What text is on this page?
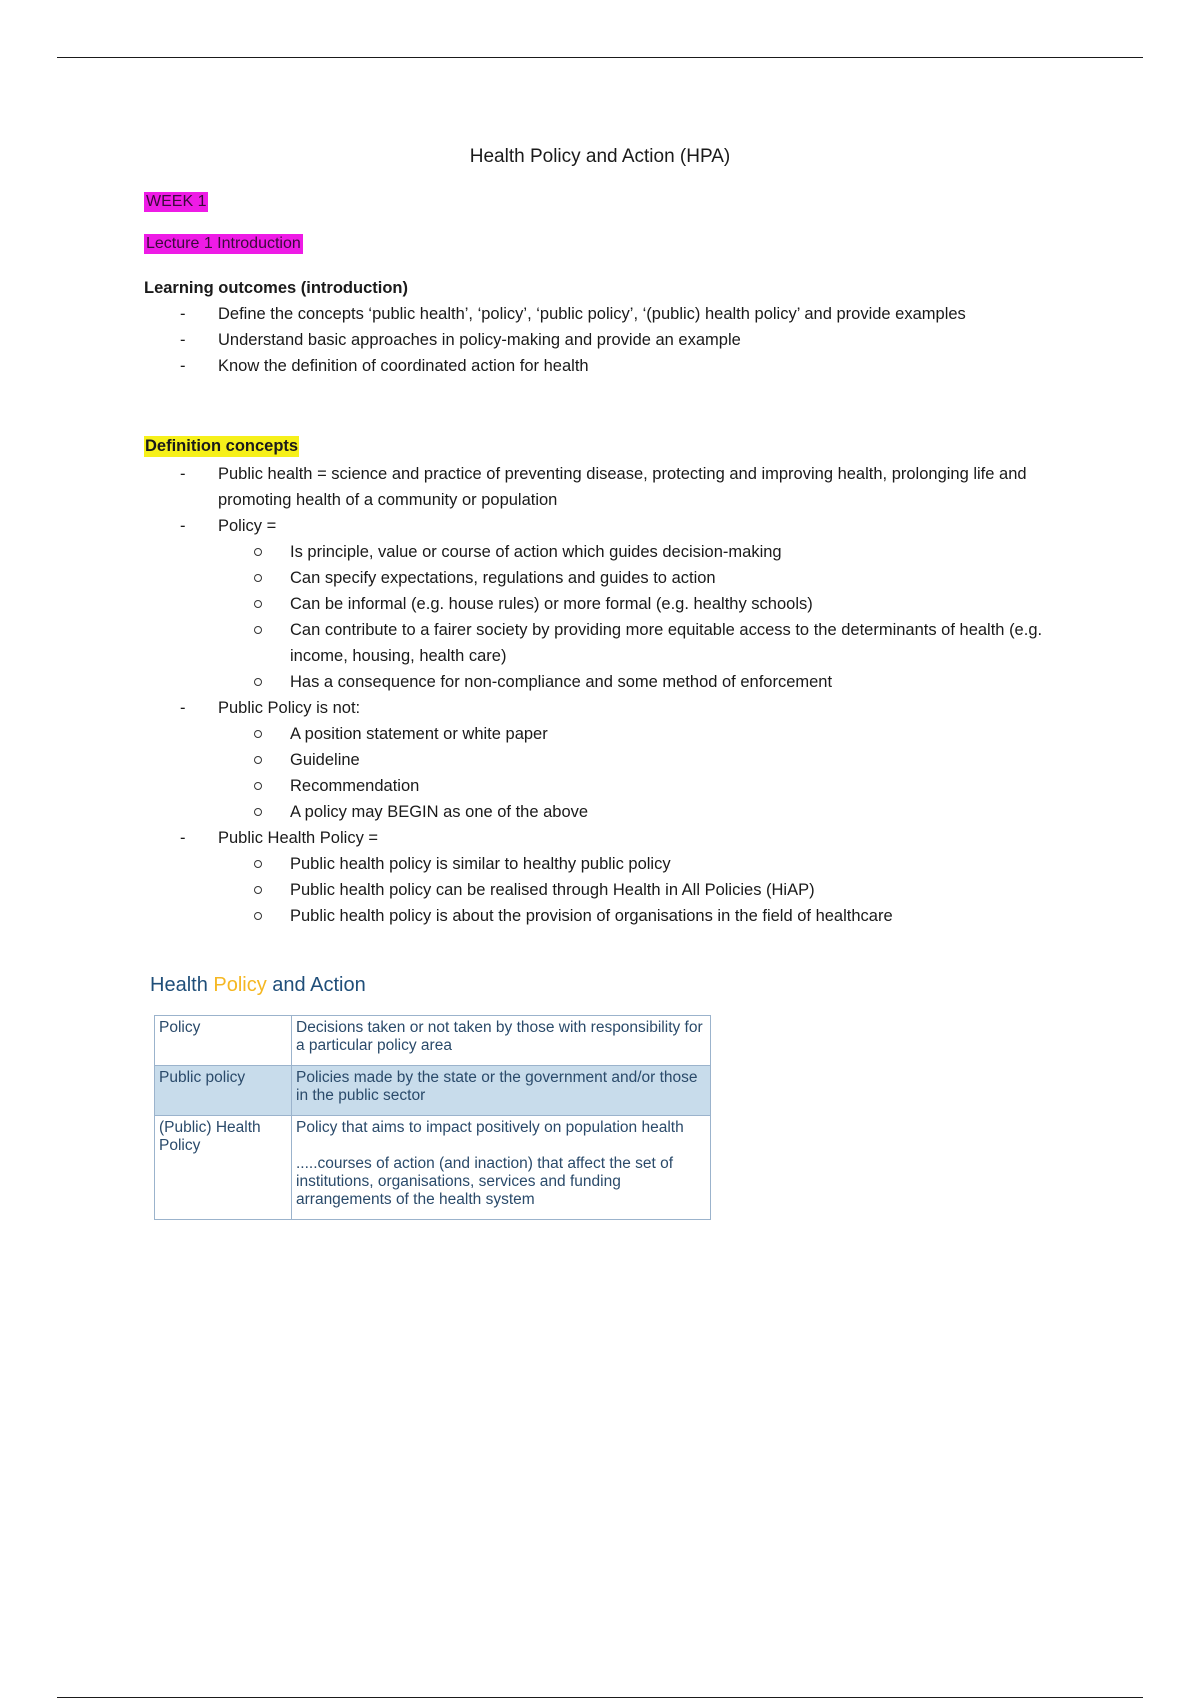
Health Policy and Action (HPA)
WEEK 1
Lecture 1 Introduction
Learning outcomes (introduction)
- Define the concepts ‘public health’, ‘policy’, ‘public policy’, ‘(public) health policy’ and provide examples
- Understand basic approaches in policy-making and provide an example
- Know the definition of coordinated action for health
Definition concepts
- Public health = science and practice of preventing disease, protecting and improving health, prolonging life and promoting health of a community or population
- Policy =
Is principle, value or course of action which guides decision-making
Can specify expectations, regulations and guides to action
Can be informal (e.g. house rules) or more formal (e.g. healthy schools)
Can contribute to a fairer society by providing more equitable access to the determinants of health (e.g. income, housing, health care)
Has a consequence for non-compliance and some method of enforcement
- Public Policy is not:
A position statement or white paper
Guideline
Recommendation
A policy may BEGIN as one of the above
- Public Health Policy =
Public health policy is similar to healthy public policy
Public health policy can be realised through Health in All Policies (HiAP)
Public health policy is about the provision of organisations in the field of healthcare
Health Policy and Action
Policy	Decisions taken or not taken by those with responsibility for a particular policy area
Public policy	Policies made by the state or the government and/or those in the public sector
(Public) Health Policy	Policy that aims to impact positively on population health
.....courses of action (and inaction) that affect the set of institutions, organisations, services and funding arrangements of the health system
